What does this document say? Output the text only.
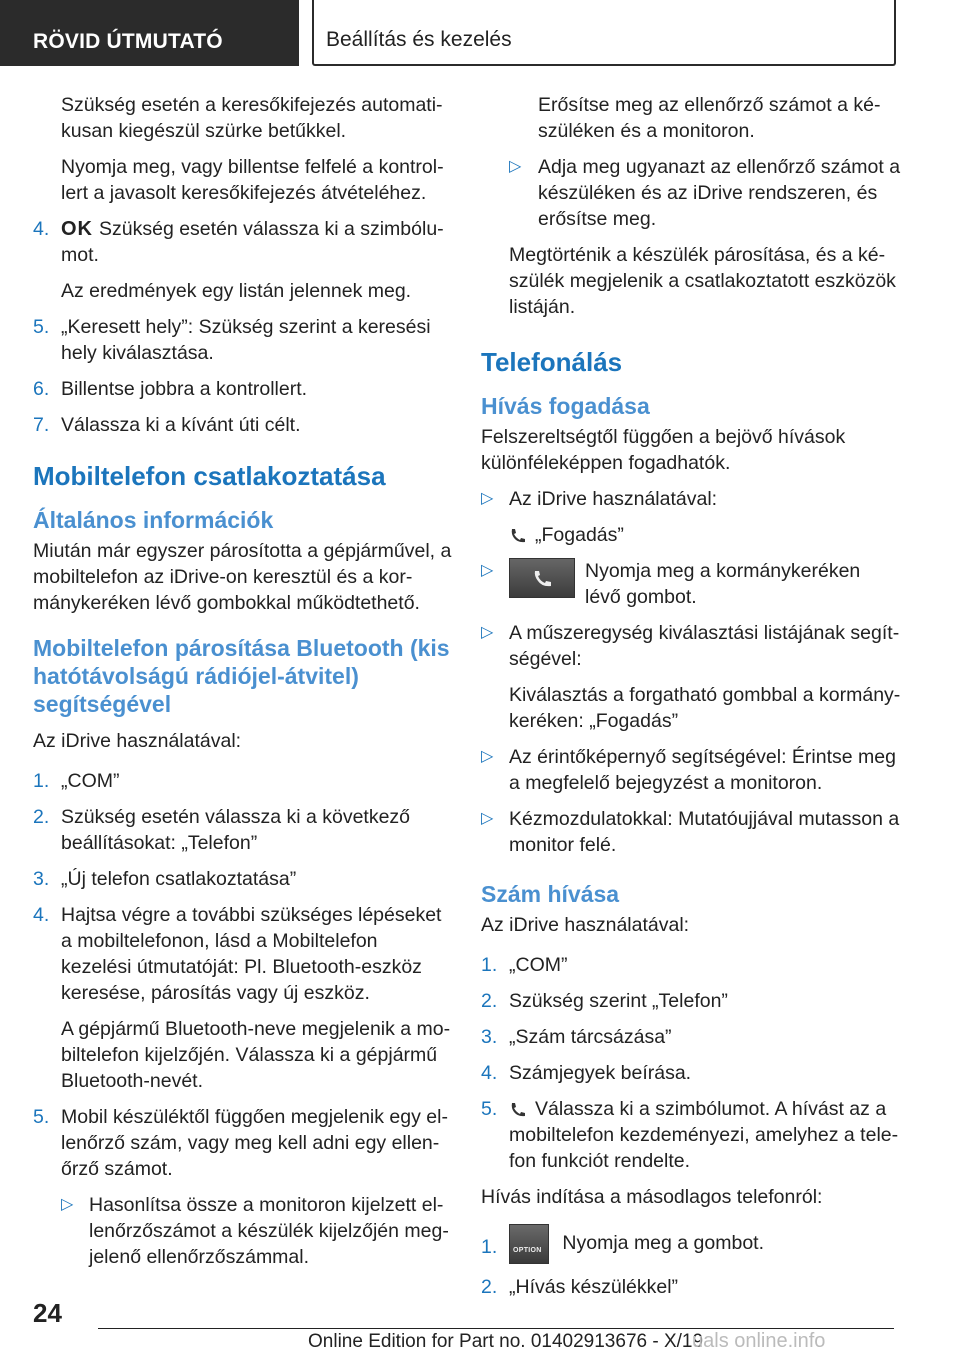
RÖVID ÚTMUTATÓ	Beállítás és kezelés
Szükség esetén a keresőkifejezés automatikusan kiegészül szürke betűkkel.
Nyomja meg, vagy billentse felfelé a kontrollert a javasolt keresőkifejezés átvételéhez.
4. OK Szükség esetén válassza ki a szimbólumot.
Az eredmények egy listán jelennek meg.
5. „Keresett hely”: Szükség szerint a keresési hely kiválasztása.
6. Billentse jobbra a kontrollert.
7. Válassza ki a kívánt úti célt.
Mobiltelefon csatlakoztatása
Általános információk
Miután már egyszer párosította a gépjárművel, a mobiltelefon az iDrive-on keresztül és a kormánykeréken lévő gombokkal működtethető.
Mobiltelefon párosítása Bluetooth (kis hatótávolságú rádiójel-átvitel) segítségével
Az iDrive használatával:
1. „COM”
2. Szükség esetén válassza ki a következő beállításokat: „Telefon”
3. „Új telefon csatlakoztatása”
4. Hajtsa végre a további szükséges lépéseket a mobiltelefonon, lásd a Mobiltelefon kezelési útmutatóját: Pl. Bluetooth-eszköz keresése, párosítás vagy új eszköz.
A gépjármű Bluetooth-neve megjelenik a mobiltelefon kijelzőjén. Válassza ki a gépjármű Bluetooth-nevét.
5. Mobil készüléktől függően megjelenik egy ellenőrző szám, vagy meg kell adni egy ellenőrző számot.
▷ Hasonlítsa össze a monitoron kijelzett ellenőrzőszámot a készülék kijelzőjén megjelenő ellenőrzőszámmal.
Erősítse meg az ellenőrző számot a készüléken és a monitoron.
▷ Adja meg ugyanazt az ellenőrző számot a készüléken és az iDrive rendszeren, és erősítse meg.
Megtörténik a készülék párosítása, és a készülék megjelenik a csatlakoztatott eszközök listáján.
Telefonálás
Hívás fogadása
Felszereltségtől függően a bejövő hívások különféleképpen fogadhatók.
▷ Az iDrive használatával:
„Fogadás”
▷	Nyomja meg a kormánykeréken lévő gombot.
▷ A műszeregység kiválasztási listájának segítségével:
Kiválasztás a forgatható gombbal a kormánykeréken: „Fogadás”
▷ Az érintőképernyő segítségével: Érintse meg a megfelelő bejegyzést a monitoron.
▷ Kézmozdulatokkal: Mutatóujjával mutasson a monitor felé.
Szám hívása
Az iDrive használatával:
1. „COM”
2. Szükség szerint „Telefon”
3. „Szám tárcsázása”
4. Számjegyek beírása.
5. Válassza ki a szimbólumot. A hívást az a mobiltelefon kezdeményezi, amelyhez a telefon funkciót rendelte.
Hívás indítása a másodlagos telefonról:
1. OPTION Nyomja meg a gombot.
2. „Hívás készülékkel”
24
Online Edition for Part no. 01402913676 - X/19
uals online.info
